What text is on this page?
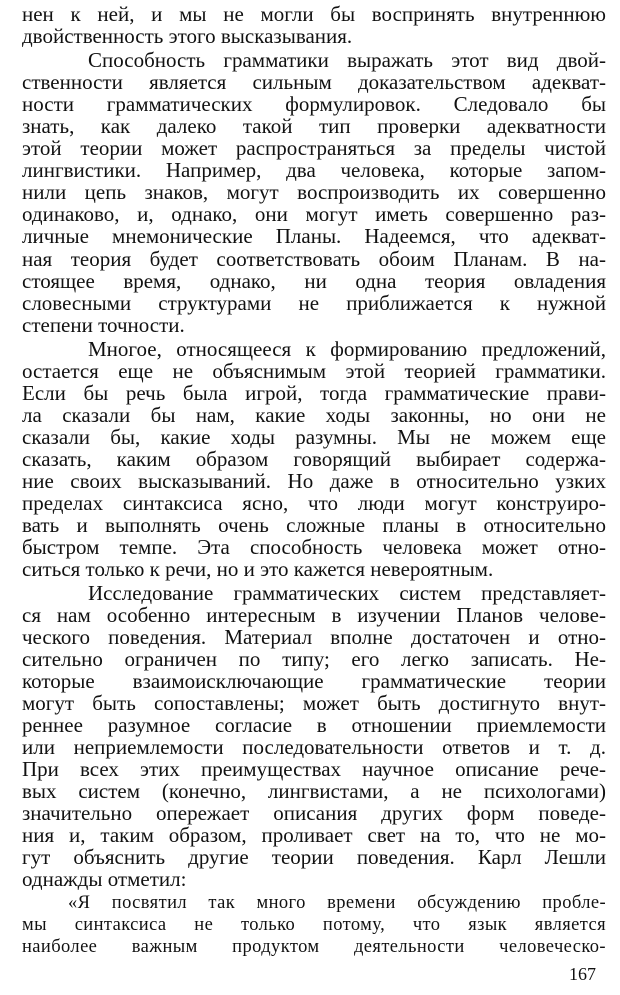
нен к ней, и мы не могли бы воспринять внутреннюю
двойственность этого высказывания.
Способность грамматики выражать этот вид двой-
ственности является сильным доказательством адекват-
ности грамматических формулировок. Следовало бы
знать, как далеко такой тип проверки адекватности
этой теории может распространяться за пределы чистой
лингвистики. Например, два человека, которые запом-
нили цепь знаков, могут воспроизводить их совершенно
одинаково, и, однако, они могут иметь совершенно раз-
личные мнемонические Планы. Надеемся, что адекват-
ная теория будет соответствовать обоим Планам. В на-
стоящее время, однако, ни одна теория овладения
словесными структурами не приближается к нужной
степени точности.
Многое, относящееся к формированию предложений,
остается еще не объяснимым этой теорией грамматики.
Если бы речь была игрой, тогда грамматические прави-
ла сказали бы нам, какие ходы законны, но они не
сказали бы, какие ходы разумны. Мы не можем еще
сказать, каким образом говорящий выбирает содержа-
ние своих высказываний. Но даже в относительно узких
пределах синтаксиса ясно, что люди могут конструиро-
вать и выполнять очень сложные планы в относительно
быстром темпе. Эта способность человека может отно-
ситься только к речи, но и это кажется невероятным.
Исследование грамматических систем представляет-
ся нам особенно интересным в изучении Планов челове-
ческого поведения. Материал вполне достаточен и отно-
сительно ограничен по типу; его легко записать. Не-
которые взаимоисключающие грамматические теории
могут быть сопоставлены; может быть достигнуто внут-
реннее разумное согласие в отношении приемлемости
или неприемлемости последовательности ответов и т. д.
При всех этих преимуществах научное описание рече-
вых систем (конечно, лингвистами, а не психологами)
значительно опережает описания других форм поведе-
ния и, таким образом, проливает свет на то, что не мо-
гут объяснить другие теории поведения. Карл Лешли
однажды отметил:
«Я посвятил так много времени обсуждению пробле-
мы синтаксиса не только потому, что язык является
наиболее важным продуктом деятельности человеческо-
167
